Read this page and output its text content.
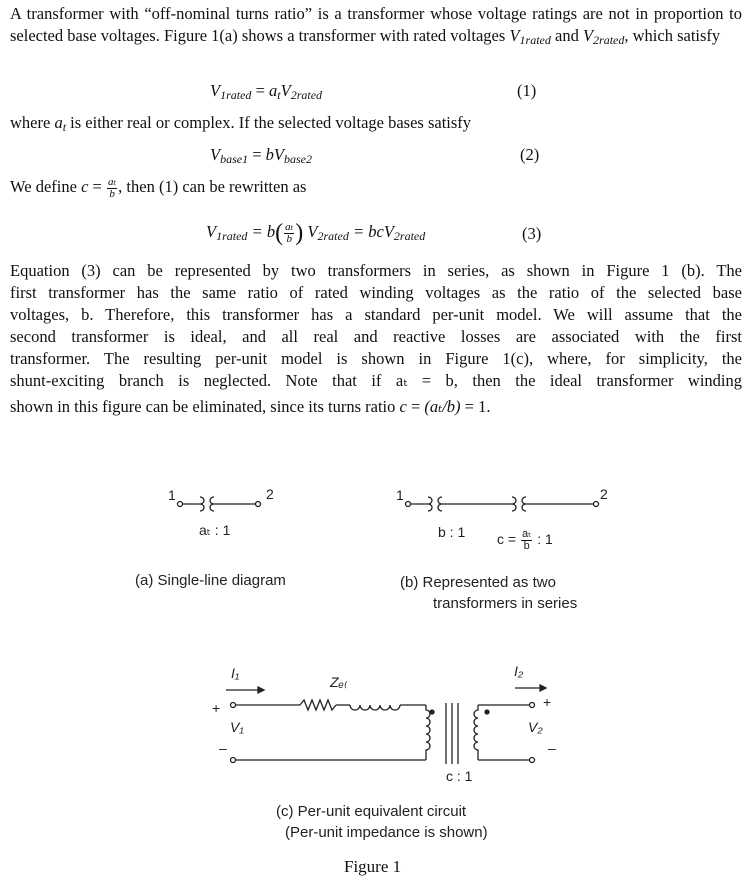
A transformer with “off-nominal turns ratio” is a transformer whose voltage ratings are not in proportion to selected base voltages. Figure 1(a) shows a transformer with rated voltages $V_{1rated}$ and $V_{2rated}$, which satisfy
$V_{1rated} = a_tV_{2rated}$	(1)
where $a_t$ is either real or complex. If the selected voltage bases satisfy
$V_{base1} = bV_{base2}$	(2)
We define $c = \frac{\text{aₜ}}{b}$ , then (1) can be rewritten as
$V_{1rated} = b( \frac{\text{aₜ}}{b}$ ) $V_{2rated} = bcV_{2rated}$	(3)
Equation (3) can be represented by two transformers in series, as shown in Figure 1 (b). The
first transformer has the same ratio of rated winding voltages as the ratio of the selected base
voltages, b. Therefore, this transformer has a standard per-unit model. We will assume that the
second transformer is ideal, and all real and reactive losses are associated with the first
transformer. The resulting per-unit model is shown in Figure 1(c), where, for simplicity, the
shunt-exciting branch is neglected. Note that if aₜ = b, then the ideal transformer winding
shown in this figure can be eliminated, since its turns ratio c = (aₜ/b) = 1.
1	2
aₜ : 1
(a) Single-line diagram
1	2
b : 1 $c = \frac{\text{aₜ}}{b}$ : 1
(b) Represented as two
transformers in series
I₁	I₂
Zₑ₍
+
V₁
–
+
V₂
–
c : 1
(c) Per-unit equivalent circuit
(Per-unit impedance is shown)
Figure 1
